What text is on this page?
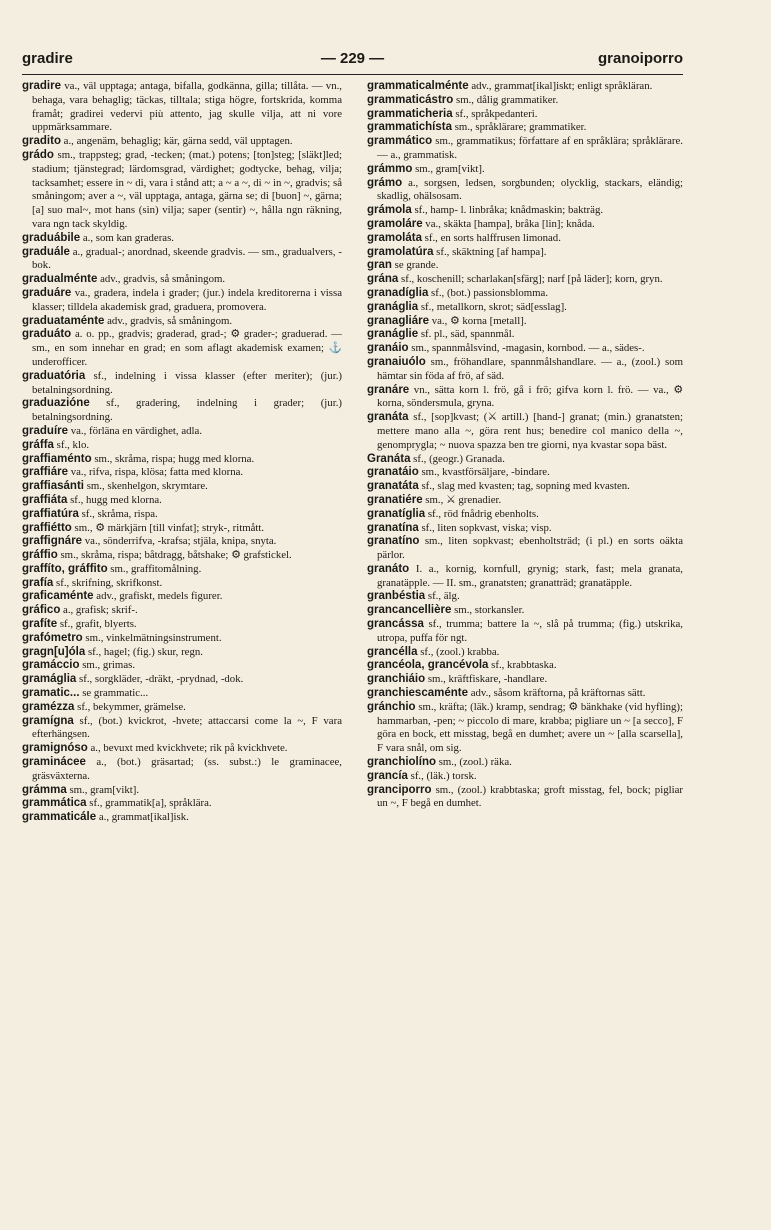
gradire	— 229 —	granoiporro

gradire va., väl upptaga; antaga, bifalla, godkänna, gilla; tillåta. — vn., behaga, vara behaglig; täckas, tilltala; stiga högre, fortskrida, komma framåt; gradirei vedervi più attento, jag skulle vilja, att ni vore uppmärksammare.

gradito a., angenäm, behaglig; kär, gärna sedd, väl upptagen.

grádo sm., trappsteg; grad, -tecken; (mat.) potens; [ton]steg; [släkt]led; stadium; tjänstegrad; lärdomsgrad, värdighet; godtycke, behag, vilja; tacksamhet; essere in ~ di, vara i stånd att; a ~ a ~, di ~ in ~, gradvis; så småningom; aver a ~, väl upptaga, antaga, gärna se; di [buon] ~, gärna; [a] suo mal~, mot hans (sin) vilja; saper (sentir) ~, hålla ngn räkning, vara ngn tack skyldig.

graduábile a., som kan graderas.

graduále a., gradual-; anordnad, skeende gradvis. — sm., gradualvers, -bok.

gradualménte adv., gradvis, så småningom.

graduáre va., gradera, indela i grader; (jur.) indela kreditorerna i vissa klasser; tilldela akademisk grad, graduera, promovera.

graduataménte adv., gradvis, så småningom.

graduáto a. o. pp., gradvis; graderad, grad-; ⚙ grader-; graduerad. — sm., en som innehar en grad; en som aflagt akademisk examen; ⚓ underofficer.

graduatória sf., indelning i vissa klasser (efter meriter); (jur.) betalningsordning.

graduazióne sf., gradering, indelning i grader; (jur.) betalningsordning.

graduíre va., förläna en värdighet, adla.

gráffa sf., klo.

graffiaménto sm., skråma, rispa; hugg med klorna.

graffiáre va., rifva, rispa, klösa; fatta med klorna.

graffiasánti sm., skenhelgon, skrymtare.

graffiáta sf., hugg med klorna.

graffiatúra sf., skråma, rispa.

graffiétto sm., ⚙ märkjärn [till vinfat]; stryk-, ritmått.

graffignáre va., sönderrifva, -krafsa; stjäla, knipa, snyta.

gráffio sm., skråma, rispa; båtdragg, båtshake; ⚙ grafstickel.

graffíto, gráffito sm., graffitomålning.

grafía sf., skrifning, skrifkonst.

graficaménte adv., grafiskt, medels figurer.

gráfico a., grafisk; skrif-.

grafíte sf., grafit, blyerts.

grafómetro sm., vinkelmätningsinstrument.

gragn[u]óla sf., hagel; (fig.) skur, regn.

gramáccio sm., grimas.

gramáglia sf., sorgkläder, -dräkt, -prydnad, -dok.

gramatic... se grammatic...

gramézza sf., bekymmer, grämelse.

gramígna sf., (bot.) kvickrot, -hvete; attaccarsi come la ~, F vara efterhängsen.

gramignóso a., bevuxt med kvickhvete; rik på kvickhvete.

graminácee a., (bot.) gräsartad; (ss. subst.:) le graminacee, gräsväxterna.

grámma sm., gram[vikt].

grammática sf., grammatik[a], språklära.

grammaticále a., grammat[ikal]isk.

grammaticalménte adv., grammat[ikal]iskt; enligt språkläran.

grammaticástro sm., dålig grammatiker.

grammaticheria sf., språkpedanteri.

grammatichísta sm., språklärare; grammatiker.

grammático sm., grammatikus; författare af en språklära; språklärare. — a., grammatisk.

grámmo sm., gram[vikt].

grámo a., sorgsen, ledsen, sorgbunden; olycklig, stackars, eländig; skadlig, ohälsosam.

grámola sf., hamp- l. linbråka; knådmaskin; bakträg.

gramoláre va., skäkta [hampa], bråka [lin]; knåda.

gramoláta sf., en sorts halffrusen limonad.

gramolatúra sf., skäktning [af hampa].

gran se grande.

grána sf., koschenill; scharlakan[sfärg]; narf [på läder]; korn, gryn.

granadíglia sf., (bot.) passionsblomma.

granáglia sf., metallkorn, skrot; säd[esslag].

granagliáre va., ⚙ korna [metall].

granáglie sf. pl., säd, spannmål.

granáio sm., spannmålsvind, -magasin, kornbod. — a., sädes-.

granaiuólo sm., fröhandlare, spannmålshandlare. — a., (zool.) som hämtar sin föda af frö, af säd.

granáre vn., sätta korn l. frö, gå i frö; gifva korn l. frö. — va., ⚙ korna, söndersmula, gryna.

granáta sf., [sop]kvast; (⚔ artill.) [hand-] granat; (min.) granatsten; mettere mano alla ~, göra rent hus; benedire col manico della ~, genomprygla; ~ nuova spazza ben tre giorni, nya kvastar sopa bäst.

Granáta sf., (geogr.) Granada.

granatáio sm., kvastförsäljare, -bindare.

granatáta sf., slag med kvasten; tag, sopning med kvasten.

granatiére sm., ⚔ grenadier.

granatíglia sf., röd fnådrig ebenholts.

granatína sf., liten sopkvast, viska; visp.

granatíno sm., liten sopkvast; ebenholtsträd; (i pl.) en sorts oäkta pärlor.

granáto I. a., kornig, kornfull, grynig; stark, fast; mela granata, granatäpple. — II. sm., granatsten; granatträd; granatäpple.

granbéstia sf., älg.

grancancellière sm., storkansler.

grancássa sf., trumma; battere la ~, slå på trumma; (fig.) utskrika, utropa, puffa för ngt.

grancélla sf., (zool.) krabba.

grancéola, grancévola sf., krabbtaska.

granchiáio sm., kräftfiskare, -handlare.

granchiescaménte adv., såsom kräftorna, på kräftornas sätt.

gránchio sm., kräfta; (läk.) kramp, sendrag; ⚙ bänkhake (vid hyfling); hammarban, -pen; ~ piccolo di mare, krabba; pigliare un ~ [a secco], F göra en bock, ett misstag, begå en dumhet; avere un ~ [alla scarsella], F vara snål, om sig.

granchiolíno sm., (zool.) räka.

grancía sf., (läk.) torsk.

granciporro sm., (zool.) krabbtaska; groft misstag, fel, bock; pigliar un ~, F begå en dumhet.
